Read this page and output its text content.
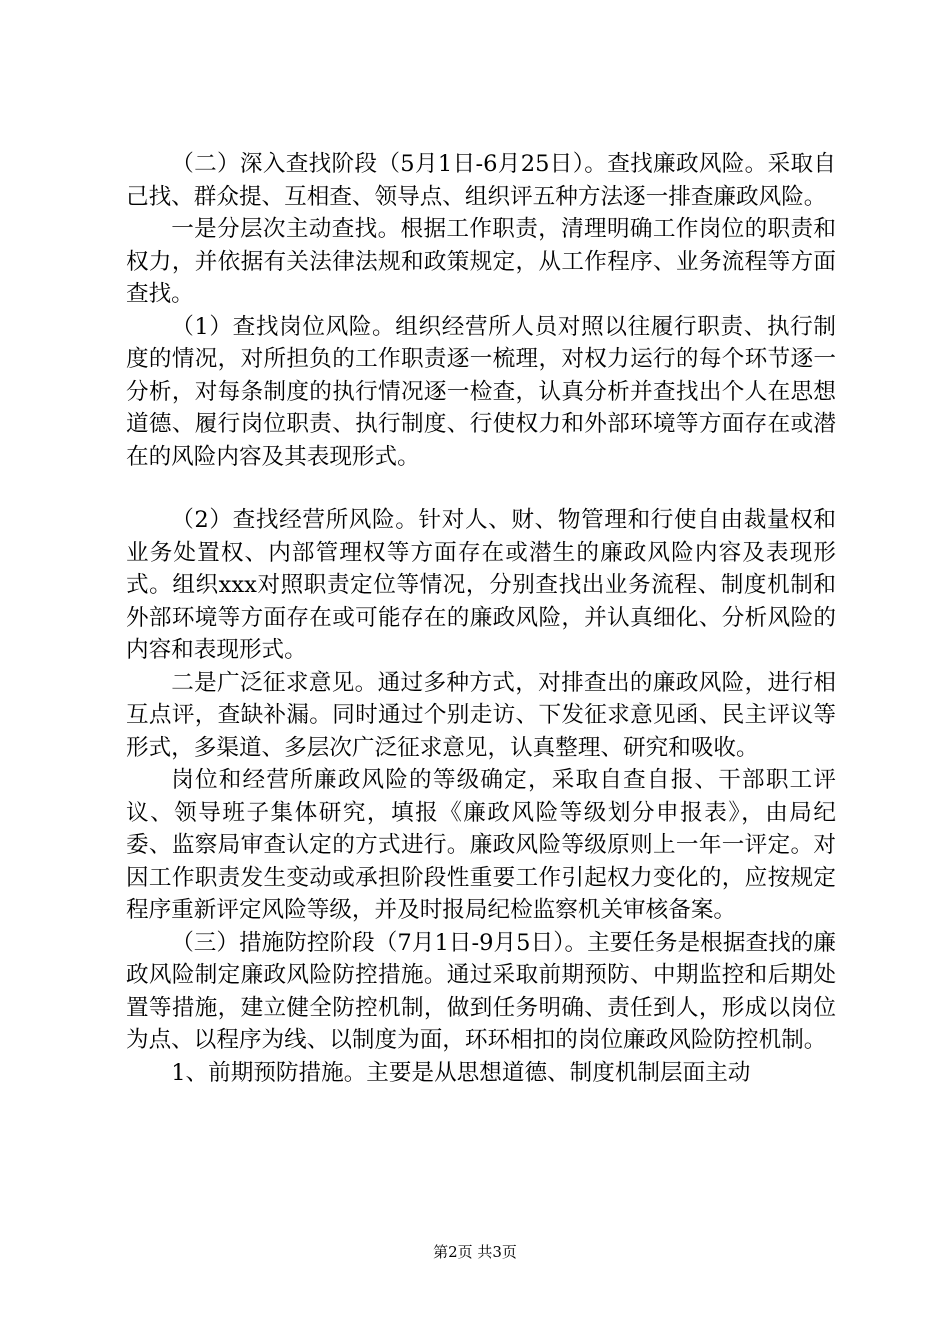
（二）深入查找阶段（5月1日-6月25日）。查找廉政风险。采取自己找、群众提、互相查、领导点、组织评五种方法逐一排查廉政风险。

一是分层次主动查找。根据工作职责，清理明确工作岗位的职责和权力，并依据有关法律法规和政策规定，从工作程序、业务流程等方面查找。

（1）查找岗位风险。组织经营所人员对照以往履行职责、执行制度的情况，对所担负的工作职责逐一梳理，对权力运行的每个环节逐一分析，对每条制度的执行情况逐一检查，认真分析并查找出个人在思想道德、履行岗位职责、执行制度、行使权力和外部环境等方面存在或潜在的风险内容及其表现形式。

（2）查找经营所风险。针对人、财、物管理和行使自由裁量权和业务处置权、内部管理权等方面存在或潜生的廉政风险内容及表现形式。组织xxx对照职责定位等情况，分别查找出业务流程、制度机制和外部环境等方面存在或可能存在的廉政风险，并认真细化、分析风险的内容和表现形式。

二是广泛征求意见。通过多种方式，对排查出的廉政风险，进行相互点评，查缺补漏。同时通过个别走访、下发征求意见函、民主评议等形式，多渠道、多层次广泛征求意见，认真整理、研究和吸收。

岗位和经营所廉政风险的等级确定，采取自查自报、干部职工评议、领导班子集体研究，填报《廉政风险等级划分申报表》，由局纪委、监察局审查认定的方式进行。廉政风险等级原则上一年一评定。对因工作职责发生变动或承担阶段性重要工作引起权力变化的，应按规定程序重新评定风险等级，并及时报局纪检监察机关审核备案。

（三）措施防控阶段（7月1日-9月5日）。主要任务是根据查找的廉政风险制定廉政风险防控措施。通过采取前期预防、中期监控和后期处置等措施，建立健全防控机制，做到任务明确、责任到人，形成以岗位为点、以程序为线、以制度为面，环环相扣的岗位廉政风险防控机制。

1、前期预防措施。主要是从思想道德、制度机制层面主动

第2页 共3页
